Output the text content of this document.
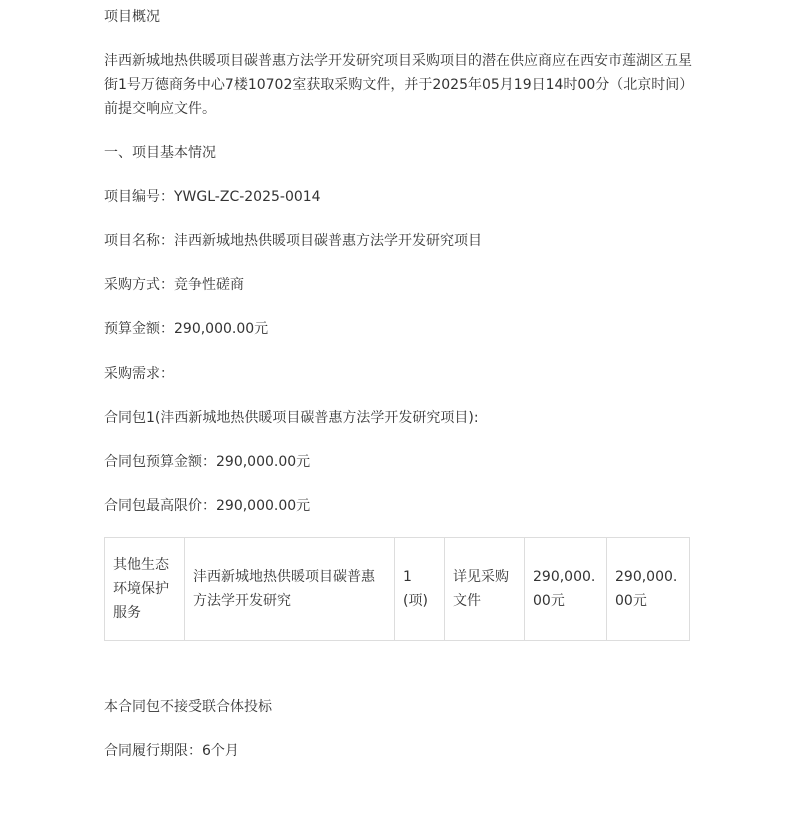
项目概况
沣西新城地热供暖项目碳普惠方法学开发研究项目采购项目的潜在供应商应在西安市莲湖区五星街1号万德商务中心7楼10702室获取采购文件，并于2025年05月19日14时00分（北京时间）前提交响应文件。
一、项目基本情况
项目编号：YWGL-ZC-2025-0014
项目名称：沣西新城地热供暖项目碳普惠方法学开发研究项目
采购方式：竞争性磋商
预算金额：290,000.00元
采购需求：
合同包1(沣西新城地热供暖项目碳普惠方法学开发研究项目):
合同包预算金额：290,000.00元
合同包最高限价：290,000.00元
其他生态环境保护服务	沣西新城地热供暖项目碳普惠方法学开发研究	1(项)	详见采购文件	290,000.00元	290,000.00元
本合同包不接受联合体投标
合同履行期限：6个月
